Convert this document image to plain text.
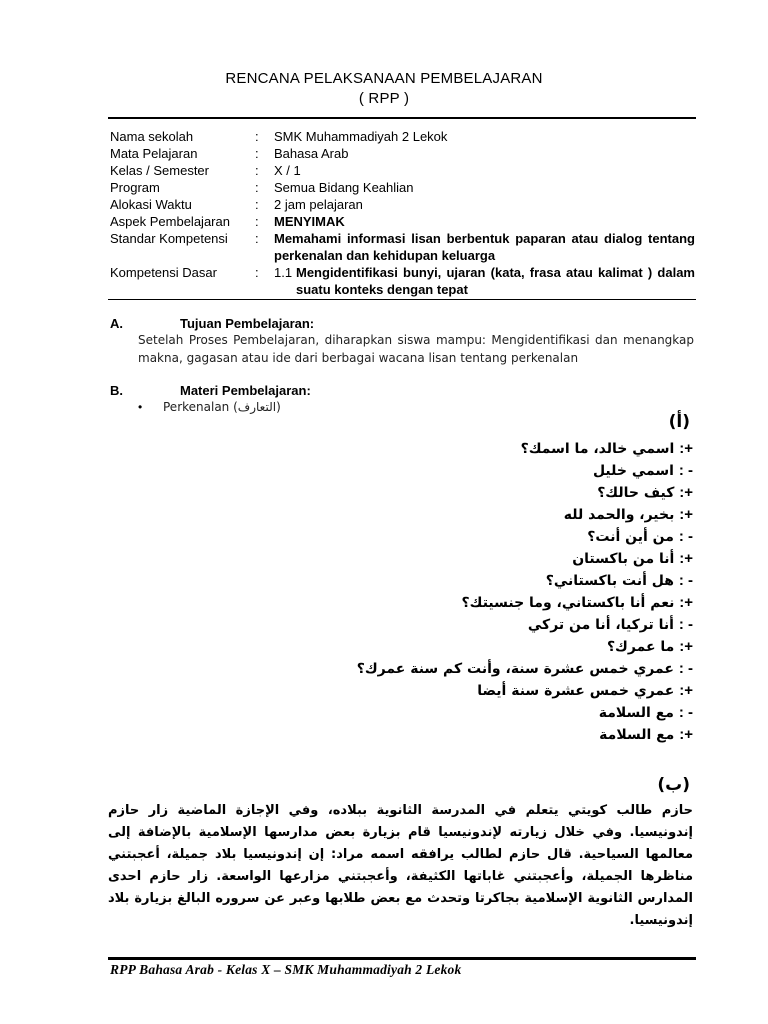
RENCANA PELAKSANAAN PEMBELAJARAN
( RPP )
Nama sekolah	: SMK Muhammadiyah 2 Lekok
Mata Pelajaran	: Bahasa Arab
Kelas / Semester	: X / 1
Program	: Semua Bidang Keahlian
Alokasi Waktu	: 2 jam pelajaran
Aspek Pembelajaran : MENYIMAK
Standar Kompetensi : Memahami informasi lisan berbentuk paparan atau dialog tentang perkenalan dan kehidupan keluarga
Kompetensi Dasar	: 1.1 Mengidentifikasi bunyi, ujaran (kata, frasa atau kalimat ) dalam suatu konteks dengan tepat
A.	Tujuan Pembelajaran:
Setelah Proses Pembelajaran, diharapkan siswa mampu: Mengidentifikasi dan menangkap makna, gagasan atau ide dari berbagai wacana lisan tentang perkenalan
B.	Materi Pembelajaran:
• Perkenalan (التعارف)
(أ)
+: اسمي خالد، ما اسمك؟
- : اسمي خليل
+: كيف حالك؟
+: بخير، والحمد لله
- : من أين أنت؟
+: أنا من باكستان
- : هل أنت باكستاني؟
+: نعم أنا باكستاني، وما جنسيتك؟
- : أنا تركيا، أنا من تركي
+: ما عمرك؟
- : عمري خمس عشرة سنة، وأنت كم سنة عمرك؟
+: عمري خمس عشرة سنة أيضا
- : مع السلامة
+: مع السلامة
(ب)
حازم طالب كويتي يتعلم في المدرسة الثانوية ببلاده، وفي الإجازة الماضية زار حازم إندونيسيا. وفي خلال زيارته لإندونيسيا قام بزيارة بعض مدارسها الإسلامية بالإضافة إلى معالمها السياحية. قال حازم لطالب يرافقه اسمه مراد: إن إندونيسيا بلاد جميلة، أعجبتني مناظرها الجميلة، وأعجبتني غاباتها الكثيفة، وأعجبتني مزارعها الواسعة. زار حازم احدى المدارس الثانوية الإسلامية بجاكرتا وتحدث مع بعض طلابها وعبر عن سروره البالغ بزيارة بلاد إندونيسيا.
RPP Bahasa Arab - Kelas X – SMK Muhammadiyah 2 Lekok
